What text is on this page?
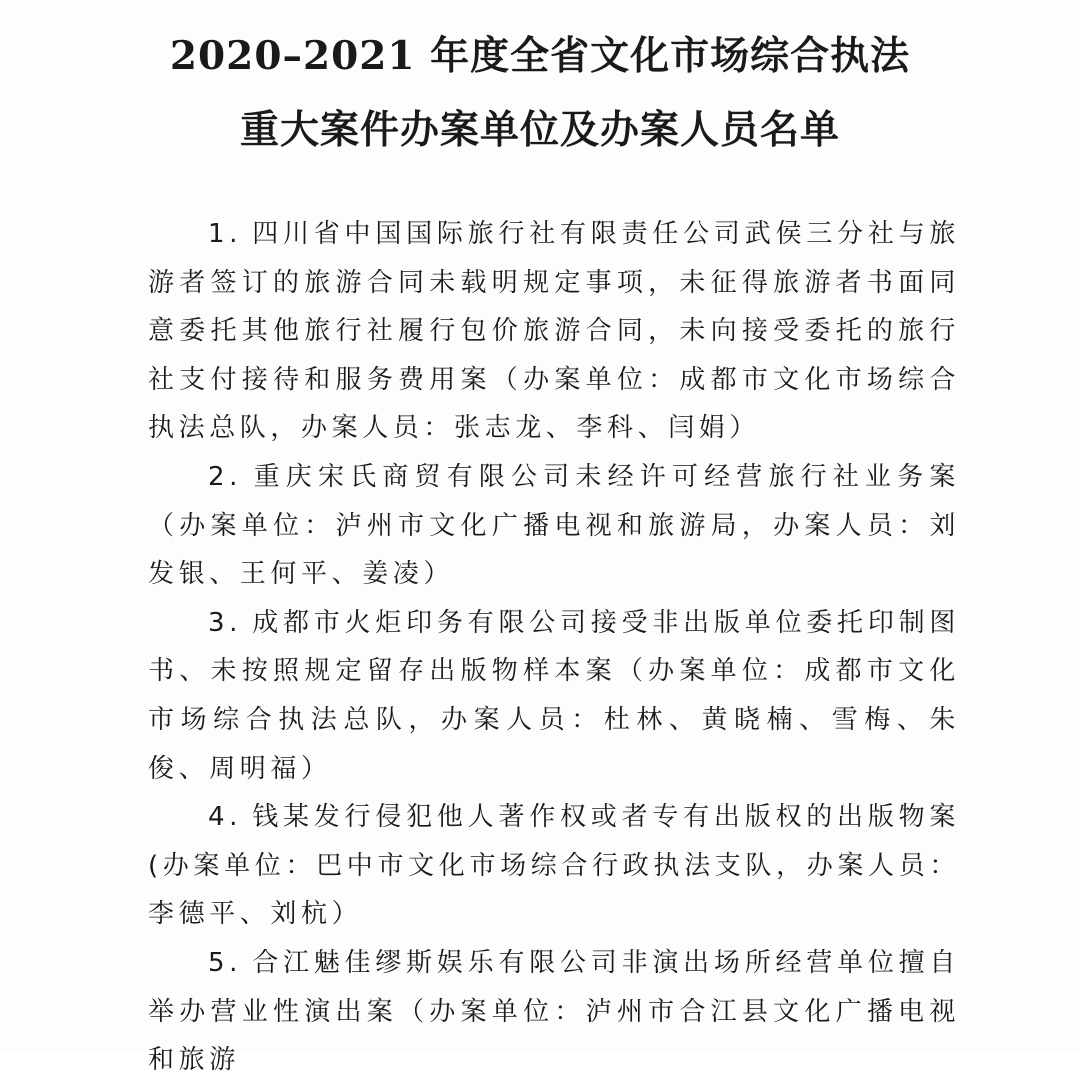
2020–2021 年度全省文化市场综合执法
重大案件办案单位及办案人员名单

1. 四川省中国国际旅行社有限责任公司武侯三分社与旅游者签订的旅游合同未载明规定事项，未征得旅游者书面同意委托其他旅行社履行包价旅游合同，未向接受委托的旅行社支付接待和服务费用案（办案单位：成都市文化市场综合执法总队，办案人员：张志龙、李科、闫娟）

2. 重庆宋氏商贸有限公司未经许可经营旅行社业务案（办案单位：泸州市文化广播电视和旅游局，办案人员：刘发银、王何平、姜凌）

3. 成都市火炬印务有限公司接受非出版单位委托印制图书、未按照规定留存出版物样本案（办案单位：成都市文化市场综合执法总队，办案人员：杜林、黄晓楠、雪梅、朱俊、周明福）

4. 钱某发行侵犯他人著作权或者专有出版权的出版物案(办案单位：巴中市文化市场综合行政执法支队，办案人员：李德平、刘杭）

5. 合江魅佳缪斯娱乐有限公司非演出场所经营单位擅自举办营业性演出案（办案单位：泸州市合江县文化广播电视和旅游
